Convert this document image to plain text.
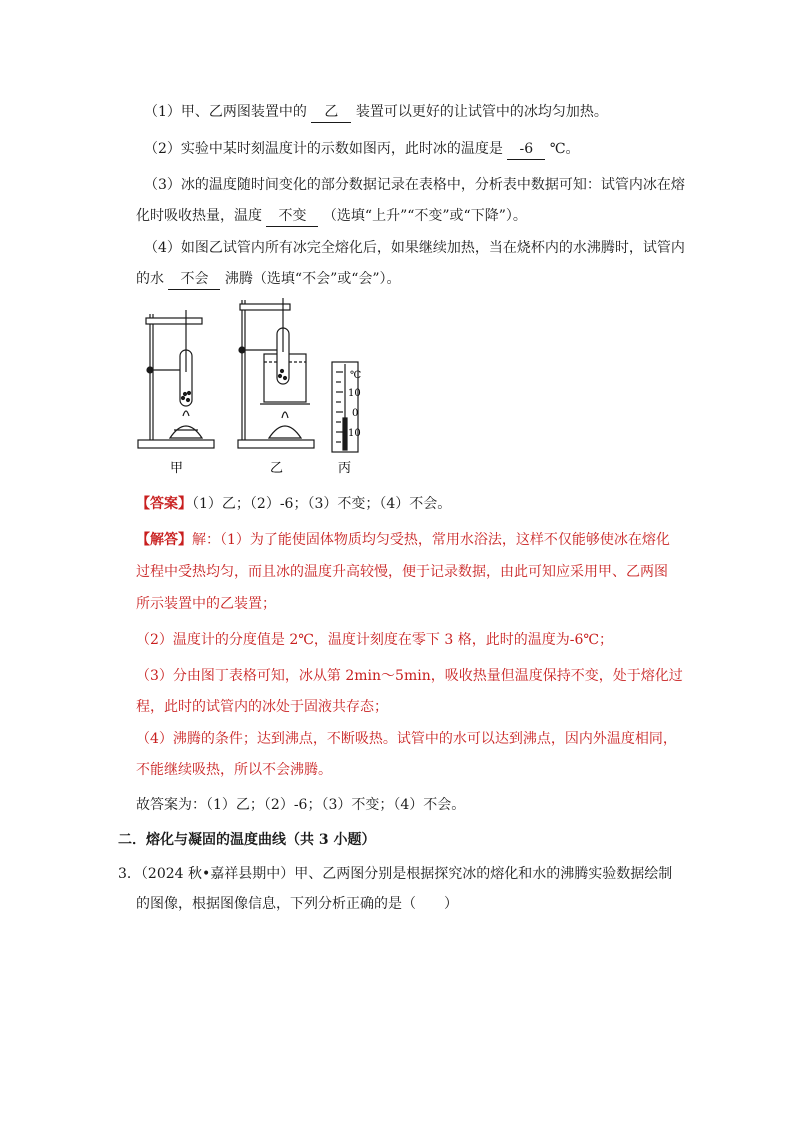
（1）甲、乙两图装置中的 乙 装置可以更好的让试管中的冰均匀加热。
（2）实验中某时刻温度计的示数如图丙，此时冰的温度是 -6 ℃。
（3）冰的温度随时间变化的部分数据记录在表格中，分析表中数据可知：试管内冰在熔
化时吸收热量，温度 不变 （选填“上升”“不变”或“下降”）。
（4）如图乙试管内所有冰完全熔化后，如果继续加热，当在烧杯内的水沸腾时，试管内
的水 不会 沸腾（选填“不会”或“会”）。
℃
10
0
10
甲	乙	丙
【答案】（1）乙；（2）-6；（3）不变；（4）不会。
【解答】解：（1）为了能使固体物质均匀受热，常用水浴法，这样不仅能够使冰在熔化
过程中受热均匀，而且冰的温度升高较慢，便于记录数据，由此可知应采用甲、乙两图
所示装置中的乙装置；
（2）温度计的分度值是 2℃，温度计刻度在零下 3 格，此时的温度为-6℃；
（3）分由图丁表格可知，冰从第 2min～5min，吸收热量但温度保持不变，处于熔化过
程，此时的试管内的冰处于固液共存态；
（4）沸腾的条件；达到沸点，不断吸热。试管中的水可以达到沸点，因内外温度相同，
不能继续吸热，所以不会沸腾。
故答案为：（1）乙；（2）-6；（3）不变；（4）不会。
二．熔化与凝固的温度曲线（共 3 小题）
3．（2024 秋•嘉祥县期中）甲、乙两图分别是根据探究冰的熔化和水的沸腾实验数据绘制
的图像，根据图像信息，下列分析正确的是（　　）
